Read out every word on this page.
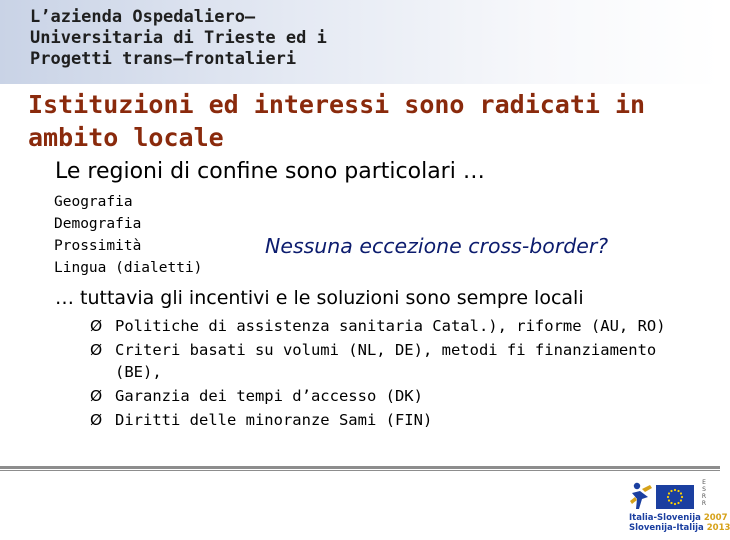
L’azienda Ospedaliero–
Universitaria di Trieste ed i
Progetti trans–frontalieri
Istituzioni ed interessi sono radicati in
ambito locale
Le regioni di confine sono particolari …
Geografia
Demografia
Prossimità
Lingua (dialetti)
Nessuna eccezione cross-border?
… tuttavia gli incentivi e le soluzioni sono sempre locali
Ø Politiche di assistenza sanitaria Catal.), riforme (AU, RO)
Ø Criteri basati su volumi (NL, DE), metodi fi finanziamento (BE),
Ø Garanzia dei tempi d’accesso (DK)
Ø Diritti delle minoranze Sami (FIN)
E
S
R
R
Italia-Slovenija 2007
Slovenija-Italija 2013
